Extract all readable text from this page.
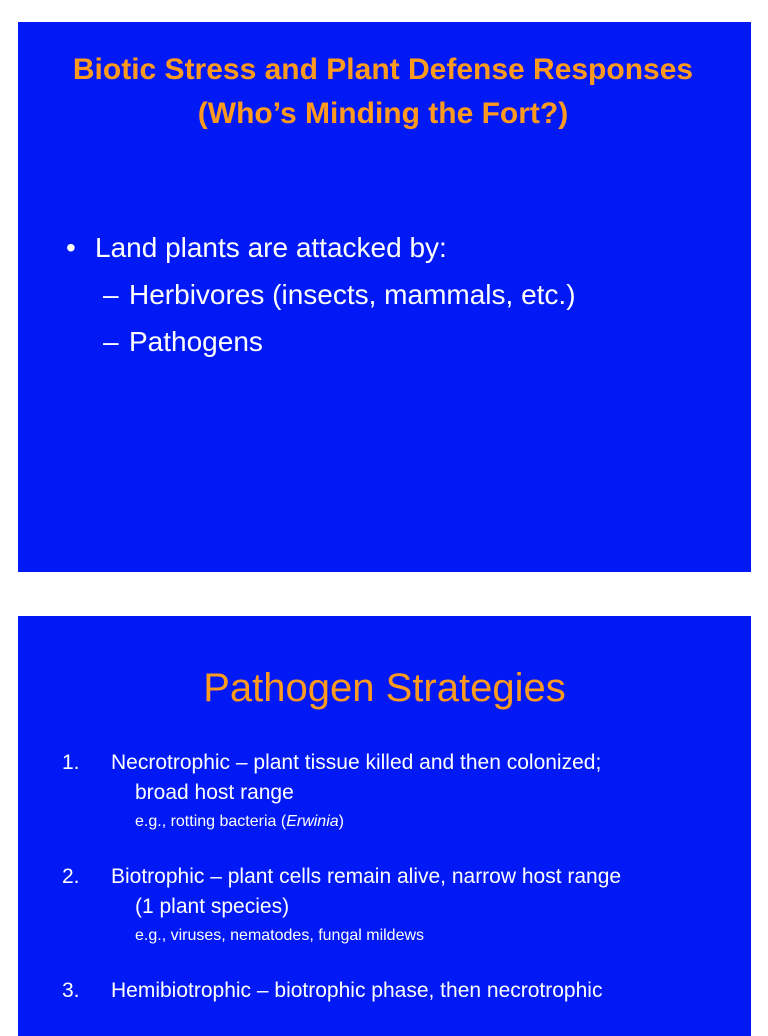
Biotic Stress and Plant Defense Responses (Who’s Minding the Fort?)
• Land plants are attacked by:
– Herbivores (insects, mammals, etc.)
– Pathogens
Pathogen Strategies
1.	Necrotrophic – plant tissue killed and then colonized;
broad host range
e.g., rotting bacteria (Erwinia)
2.	Biotrophic – plant cells remain alive, narrow host range
(1 plant species)
e.g., viruses, nematodes, fungal mildews
3.	Hemibiotrophic – biotrophic phase, then necrotrophic
